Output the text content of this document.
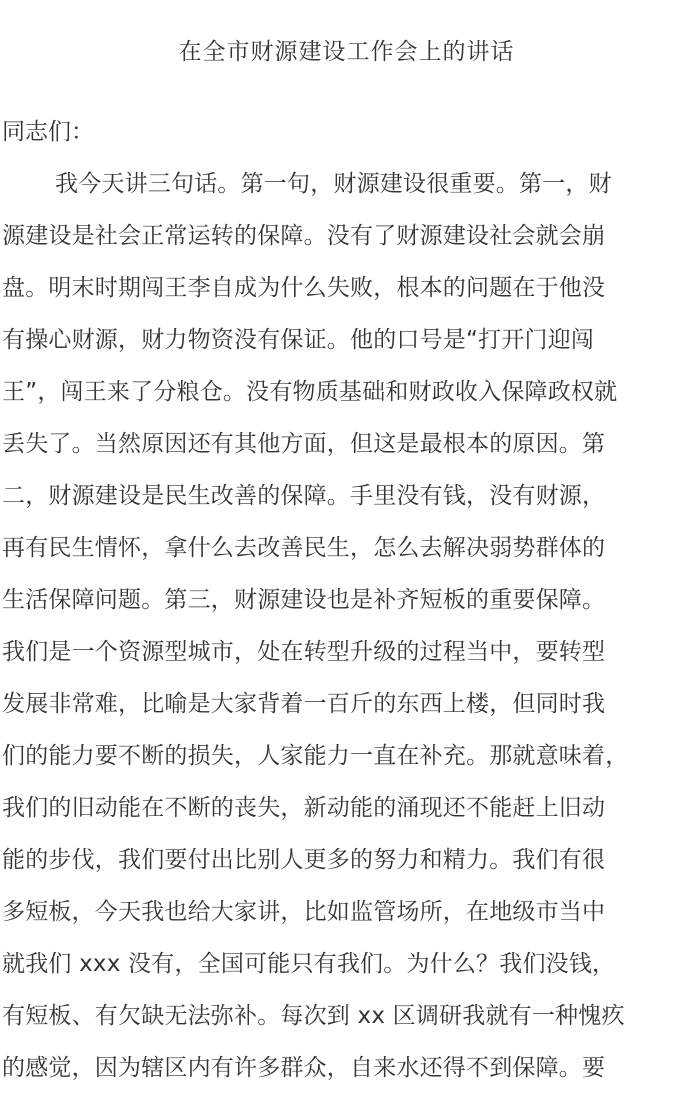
在全市财源建设工作会上的讲话
同志们：
我今天讲三句话。第一句，财源建设很重要。第一，财
源建设是社会正常运转的保障。没有了财源建设社会就会崩
盘。明末时期闯王李自成为什么失败，根本的问题在于他没
有操心财源，财力物资没有保证。他的口号是“打开门迎闯
王”，闯王来了分粮仓。没有物质基础和财政收入保障政权就
丢失了。当然原因还有其他方面，但这是最根本的原因。第
二，财源建设是民生改善的保障。手里没有钱，没有财源，
再有民生情怀，拿什么去改善民生，怎么去解决弱势群体的
生活保障问题。第三，财源建设也是补齐短板的重要保障。
我们是一个资源型城市，处在转型升级的过程当中，要转型
发展非常难，比喻是大家背着一百斤的东西上楼，但同时我
们的能力要不断的损失，人家能力一直在补充。那就意味着，
我们的旧动能在不断的丧失，新动能的涌现还不能赶上旧动
能的步伐，我们要付出比别人更多的努力和精力。我们有很
多短板，今天我也给大家讲，比如监管场所，在地级市当中
就我们 xxx 没有，全国可能只有我们。为什么？我们没钱，
有短板、有欠缺无法弥补。每次到 xx 区调研我就有一种愧疚
的感觉，因为辖区内有许多群众，自来水还得不到保障。要
